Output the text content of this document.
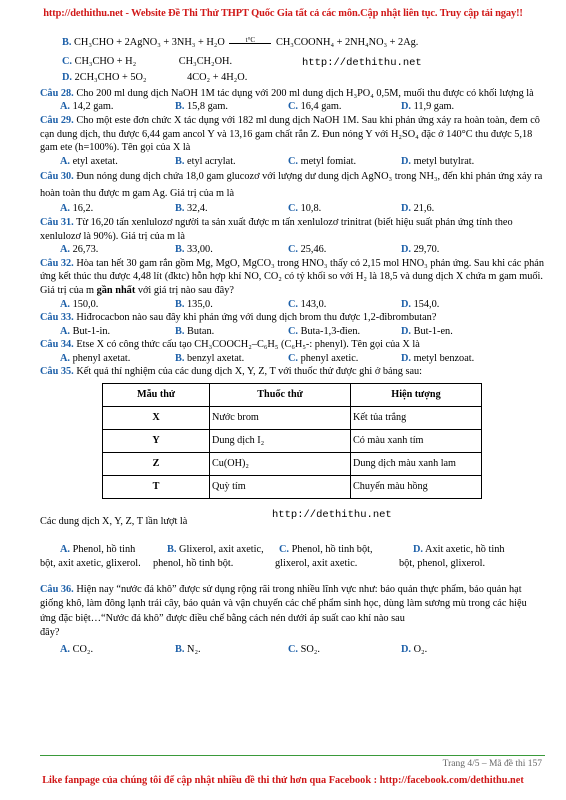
http://dethithu.net - Website Đề Thi Thử THPT Quốc Gia tất cả các môn.Cập nhật liên tục. Truy cập tải ngay!!
B. CH₃CHO + 2AgNO₃ + 3NH₃ + H₂O	t°C CH₃COONH₄ + 2NH₄NO₃ + 2Ag.
C. CH₃CHO + H₂	CH₃CH₂OH.	http://dethithu.net
D. 2CH₃CHO + 5O₂	4CO₂ + 4H₂O.
Câu 28. Cho 200 ml dung dịch NaOH 1M tác dụng với 200 ml dung dịch H₃PO₄ 0,5M, muối thu được có khối lượng là
A. 14,2 gam.	B. 15,8 gam.	C. 16,4 gam.	D. 11,9 gam.
Câu 29. Cho một este đơn chức X tác dụng với 182 ml dung dịch NaOH 1M. Sau khi phản ứng xảy ra hoàn toàn, đem cô cạn dung dịch, thu được 6,44 gam ancol Y và 13,16 gam chất rắn Z. Đun nóng Y với H₂SO₄ đặc ở 140°C thu được 5,18 gam ete (h=100%). Tên gọi của X là
A. etyl axetat.	B. etyl acrylat.	C. metyl fomiat.	D. metyl butylrat.
Câu 30. Đun nóng dung dịch chứa 18,0 gam glucozơ với lượng dư dung dịch AgNO₃ trong NH₃, đến khi phản ứng xảy ra hoàn toàn thu được m gam Ag. Giá trị của m là
A. 16,2.	B. 32,4.	C. 10,8.	D. 21,6.
Câu 31. Từ 16,20 tấn xenlulozơ người ta sản xuất được m tấn xenlulozơ trinitrat (biết hiệu suất phản ứng tính theo xenlulozơ là 90%). Giá trị của m là
A. 26,73.	B. 33,00.	C. 25,46.	D. 29,70.
Câu 32. Hòa tan hết 30 gam rắn gồm Mg, MgO, MgCO₃ trong HNO₃ thấy có 2,15 mol HNO₃ phản ứng. Sau khi các phản ứng kết thúc thu được 4,48 lít (đktc) hỗn hợp khí NO, CO₂ có tỷ khối so với H₂ là 18,5 và dung dịch X chứa m gam muối. Giá trị của m gần nhất với giá trị nào sau đây?
A. 150,0.	B. 135,0.	C. 143,0.	D. 154,0.
Câu 33. Hiđrocacbon nào sau đây khi phản ứng với dung dịch brom thu được 1,2-đibrombutan?
A. But-1-in.	B. Butan.	C. Buta-1,3-đien.	D. But-1-en.
Câu 34. Etse X có công thức cấu tạo CH₃COOCH₂–C₆H₅ (C₆H₅-: phenyl). Tên gọi của X là
A. phenyl axetat.	B. benzyl axetat.	C. phenyl axetic.	D. metyl benzoat.
Câu 35. Kết quả thí nghiệm của các dung dịch X, Y, Z, T với thuốc thử được ghi ở bảng sau:
Mẫu thử	Thuốc thử	Hiện tượng
X	Nước brom	Kết tủa trắng
Y	Dung dịch I₂	Có màu xanh tím
Z	Cu(OH)₂	Dung dịch màu xanh lam
T	Quỳ tím	Chuyển màu hồng
Các dung dịch X, Y, Z, T lần lượt là
http://dethithu.net
A. Phenol, hồ tinh
bột, axit axetic, glixerol.
B. Glixerol, axit axetic,
phenol, hồ tinh bột.
C. Phenol, hồ tinh bột,
glixerol, axit axetic.
D. Axit axetic, hồ tinh
bột, phenol, glixerol.
Câu 36. Hiện nay “nước đá khô” được sử dụng rộng rãi trong nhiều lĩnh vực như: bảo quản thực phẩm, bảo quản hạt giống khô, làm đông lạnh trái cây, bảo quản và vận chuyển các chế phẩm sinh học, dùng làm sương mù trong các hiệu ứng đặc biệt…“Nước đá khô” được điều chế bằng cách nén dưới áp suất cao khí nào sau
đây?
A. CO₂.	B. N₂.	C. SO₂.	D. O₂.
Trang 4/5 – Mã đề thi 157
Like fanpage của chúng tôi để cập nhật nhiều đề thi thử hơn qua Facebook : http://facebook.com/dethithu.net
